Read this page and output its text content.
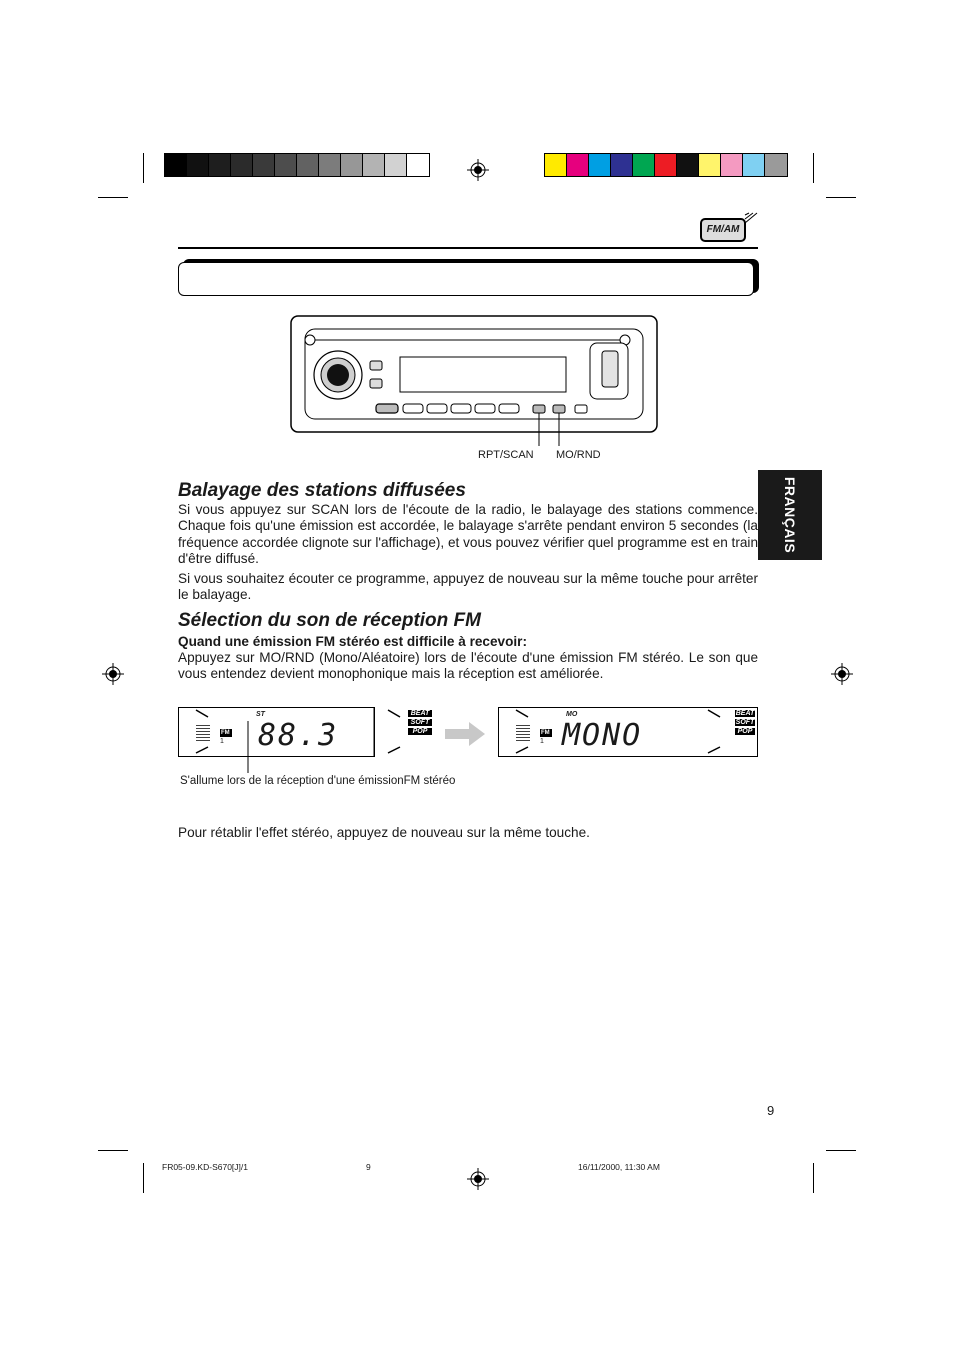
FM/AM
FRANÇAIS
RPT/SCAN MO/RND
Balayage des stations diffusées

Si vous appuyez sur SCAN lors de l'écoute de la radio, le balayage des stations commence. Chaque fois qu'une émission est accordée, le balayage s'arrête pendant environ 5 secondes (la fréquence accordée clignote sur l'affichage), et vous pouvez vérifier quel programme est en train d'être diffusé.

Si vous souhaitez écouter ce programme, appuyez de nouveau sur la même touche pour arrêter le balayage.

Sélection du son de réception FM

Quand une émission FM stéréo est difficile à recevoir:

Appuyez sur MO/RND (Mono/Aléatoire) lors de l'écoute d'une émission FM stéréo. Le son que vous entendez devient monophonique mais la réception est améliorée.

ST
FM
1 88.3
BEAT
SOFT
POP
MO
FM
1 MONO
BEAT
SOFT
POP
S'allume lors de la réception d'une émissionFM stéréo

Pour rétablir l'effet stéréo, appuyez de nouveau sur la même touche.

9
FR05-09.KD-S670[J]/1	9	16/11/2000, 11:30 AM
